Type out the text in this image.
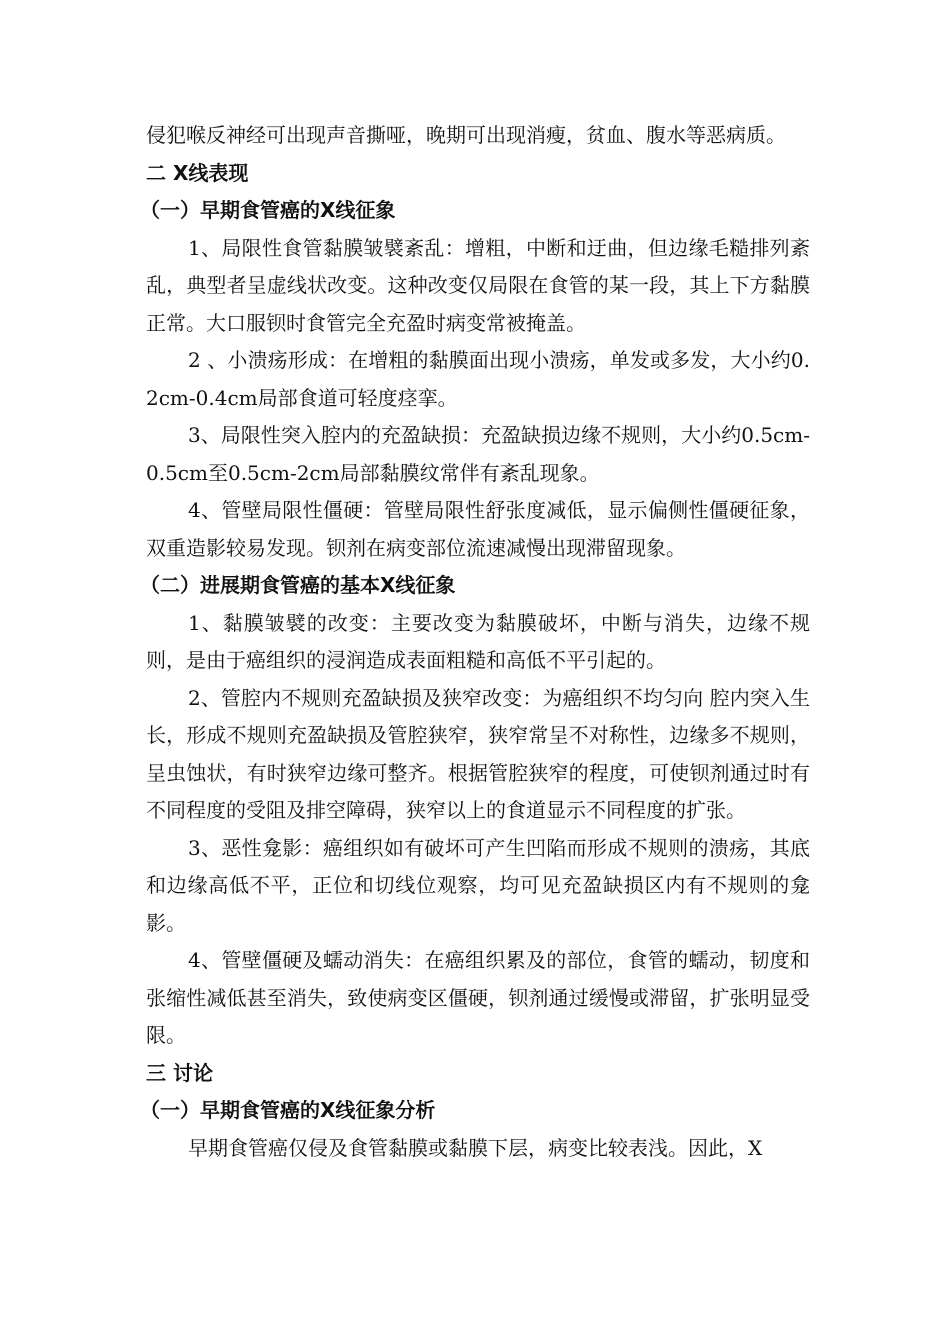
侵犯喉反神经可出现声音撕哑，晚期可出现消瘦，贫血、腹水等恶病质。

二 X线表现

（一）早期食管癌的X线征象

1、局限性食管黏膜皱襞紊乱：增粗，中断和迂曲，但边缘毛糙排列紊乱，典型者呈虚线状改变。这种改变仅局限在食管的某一段，其上下方黏膜正常。大口服钡时食管完全充盈时病变常被掩盖。

2 、小溃疡形成：在增粗的黏膜面出现小溃疡，单发或多发，大小约0.2cm-0.4cm局部食道可轻度痉挛。

3、局限性突入腔内的充盈缺损：充盈缺损边缘不规则，大小约0.5cm-0.5cm至0.5cm-2cm局部黏膜纹常伴有紊乱现象。

4、管壁局限性僵硬：管壁局限性舒张度减低，显示偏侧性僵硬征象，双重造影较易发现。钡剂在病变部位流速减慢出现滞留现象。

（二）进展期食管癌的基本X线征象

1、黏膜皱襞的改变：主要改变为黏膜破坏，中断与消失，边缘不规则，是由于癌组织的浸润造成表面粗糙和高低不平引起的。

2、管腔内不规则充盈缺损及狭窄改变：为癌组织不均匀向 腔内突入生长，形成不规则充盈缺损及管腔狭窄，狭窄常呈不对称性，边缘多不规则，呈虫蚀状，有时狭窄边缘可整齐。根据管腔狭窄的程度，可使钡剂通过时有不同程度的受阻及排空障碍，狭窄以上的食道显示不同程度的扩张。

3、恶性龛影：癌组织如有破坏可产生凹陷而形成不规则的溃疡，其底和边缘高低不平，正位和切线位观察，均可见充盈缺损区内有不规则的龛影。

4、管壁僵硬及蠕动消失：在癌组织累及的部位，食管的蠕动，韧度和张缩性减低甚至消失，致使病变区僵硬，钡剂通过缓慢或滞留，扩张明显受限。

三 讨论

（一）早期食管癌的X线征象分析

早期食管癌仅侵及食管黏膜或黏膜下层，病变比较表浅。因此，X
